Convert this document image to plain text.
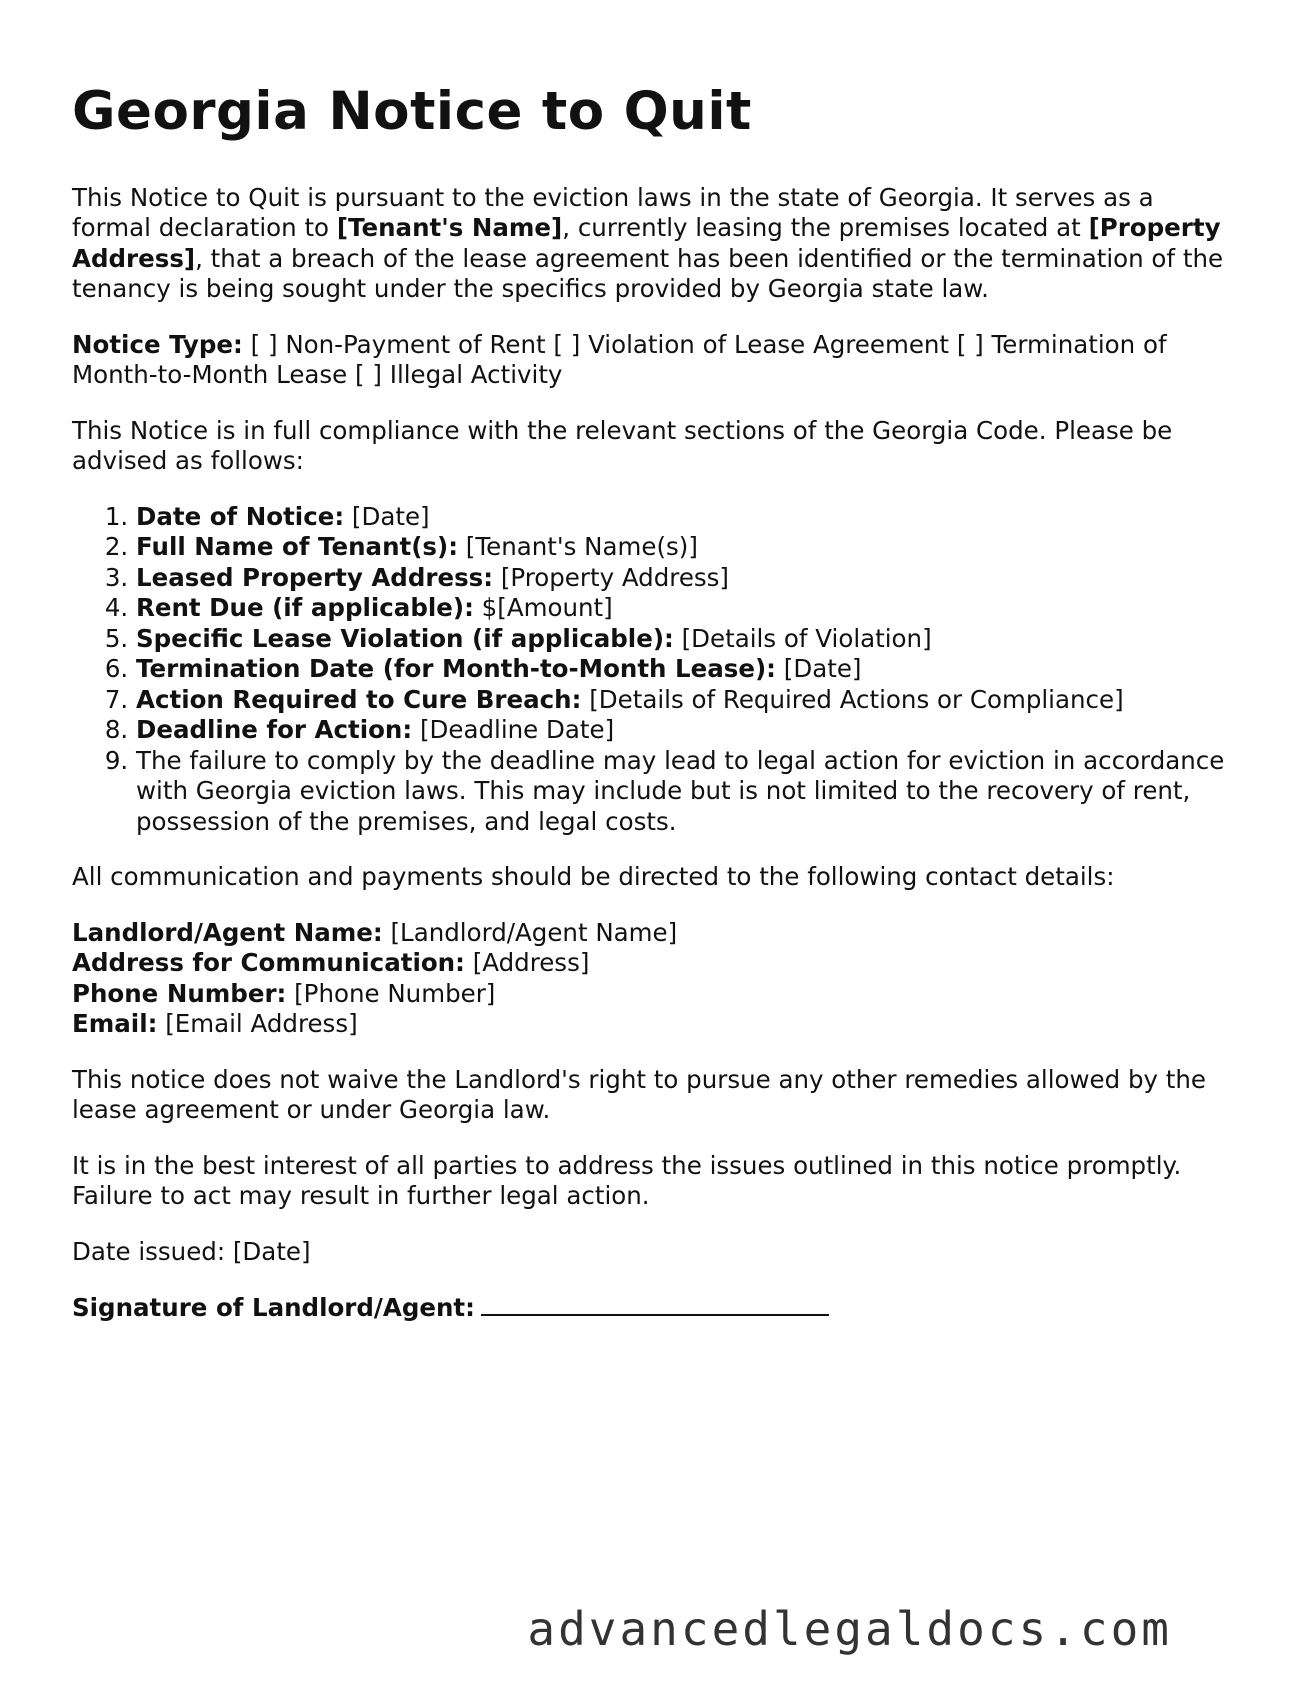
Georgia Notice to Quit

This Notice to Quit is pursuant to the eviction laws in the state of Georgia. It serves as a formal declaration to [Tenant's Name], currently leasing the premises located at [Property Address], that a breach of the lease agreement has been identified or the termination of the tenancy is being sought under the specifics provided by Georgia state law.

Notice Type: [ ] Non-Payment of Rent [ ] Violation of Lease Agreement [ ] Termination of Month-to-Month Lease [ ] Illegal Activity

This Notice is in full compliance with the relevant sections of the Georgia Code. Please be advised as follows:

1. Date of Notice: [Date]
2. Full Name of Tenant(s): [Tenant's Name(s)]
3. Leased Property Address: [Property Address]
4. Rent Due (if applicable): $[Amount]
5. Specific Lease Violation (if applicable): [Details of Violation]
6. Termination Date (for Month-to-Month Lease): [Date]
7. Action Required to Cure Breach: [Details of Required Actions or Compliance]
8. Deadline for Action: [Deadline Date]
9. The failure to comply by the deadline may lead to legal action for eviction in accordance with Georgia eviction laws. This may include but is not limited to the recovery of rent, possession of the premises, and legal costs.

All communication and payments should be directed to the following contact details:

Landlord/Agent Name: [Landlord/Agent Name]
Address for Communication: [Address]
Phone Number: [Phone Number]
Email: [Email Address]

This notice does not waive the Landlord's right to pursue any other remedies allowed by the lease agreement or under Georgia law.

It is in the best interest of all parties to address the issues outlined in this notice promptly. Failure to act may result in further legal action.

Date issued: [Date]

Signature of Landlord/Agent:

advancedlegaldocs.com
